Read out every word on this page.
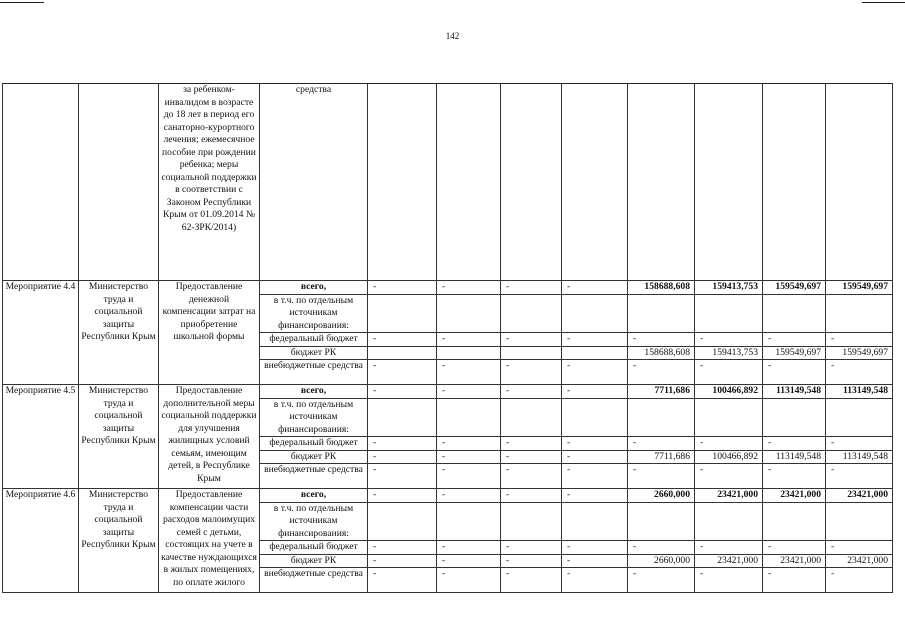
142
		за ребенком-инвалидом в возрасте до 18 лет в период его санаторно-курортного лечения; ежемесячное пособие при рождении ребенка; меры социальной поддержки в соответствии с Законом Республики Крым от 01.09.2014 № 62-ЗРК/2014)	средства								
Мероприятие 4.4	Министерство труда и социальной защиты Республики Крым	Предоставление денежной компенсации затрат на приобретение школьной формы	всего,	-	-	-	-	158688,608	159413,753	159549,697	159549,697
			в т.ч. по отдельным источникам финансирования:								
			федеральный бюджет	-	-	-	-	-	-	-	-
			бюджет РК					158688,608	159413,753	159549,697	159549,697
			внебюджетные средства	-	-	-	-	-	-	-	-
Мероприятие 4.5	Министерство труда и социальной защиты Республики Крым	Предоставление дополнительной меры социальной поддержки для улучшения жилищных условий семьям, имеющим детей, в Республике Крым	всего,	-	-	-	-	7711,686	100466,892	113149,548	113149,548
			в т.ч. по отдельным источникам финансирования:								
			федеральный бюджет	-	-	-	-	-	-	-	-
			бюджет РК	-	-	-	-	7711,686	100466,892	113149,548	113149,548
			внебюджетные средства	-	-	-	-	-	-	-	-
Мероприятие 4.6	Министерство труда и социальной защиты Республики Крым	Предоставление компенсации части расходов малоимущих семей с детьми, состоящих на учете в качестве нуждающихся в жилых помещениях, по оплате жилого	всего,	-	-	-	-	2660,000	23421,000	23421,000	23421,000
			в т.ч. по отдельным источникам финансирования:								
			федеральный бюджет	-	-	-	-	-	-	-	-
			бюджет РК	-	-	-	-	2660,000	23421,000	23421,000	23421,000
			внебюджетные средства	-	-	-	-	-	-	-	-
